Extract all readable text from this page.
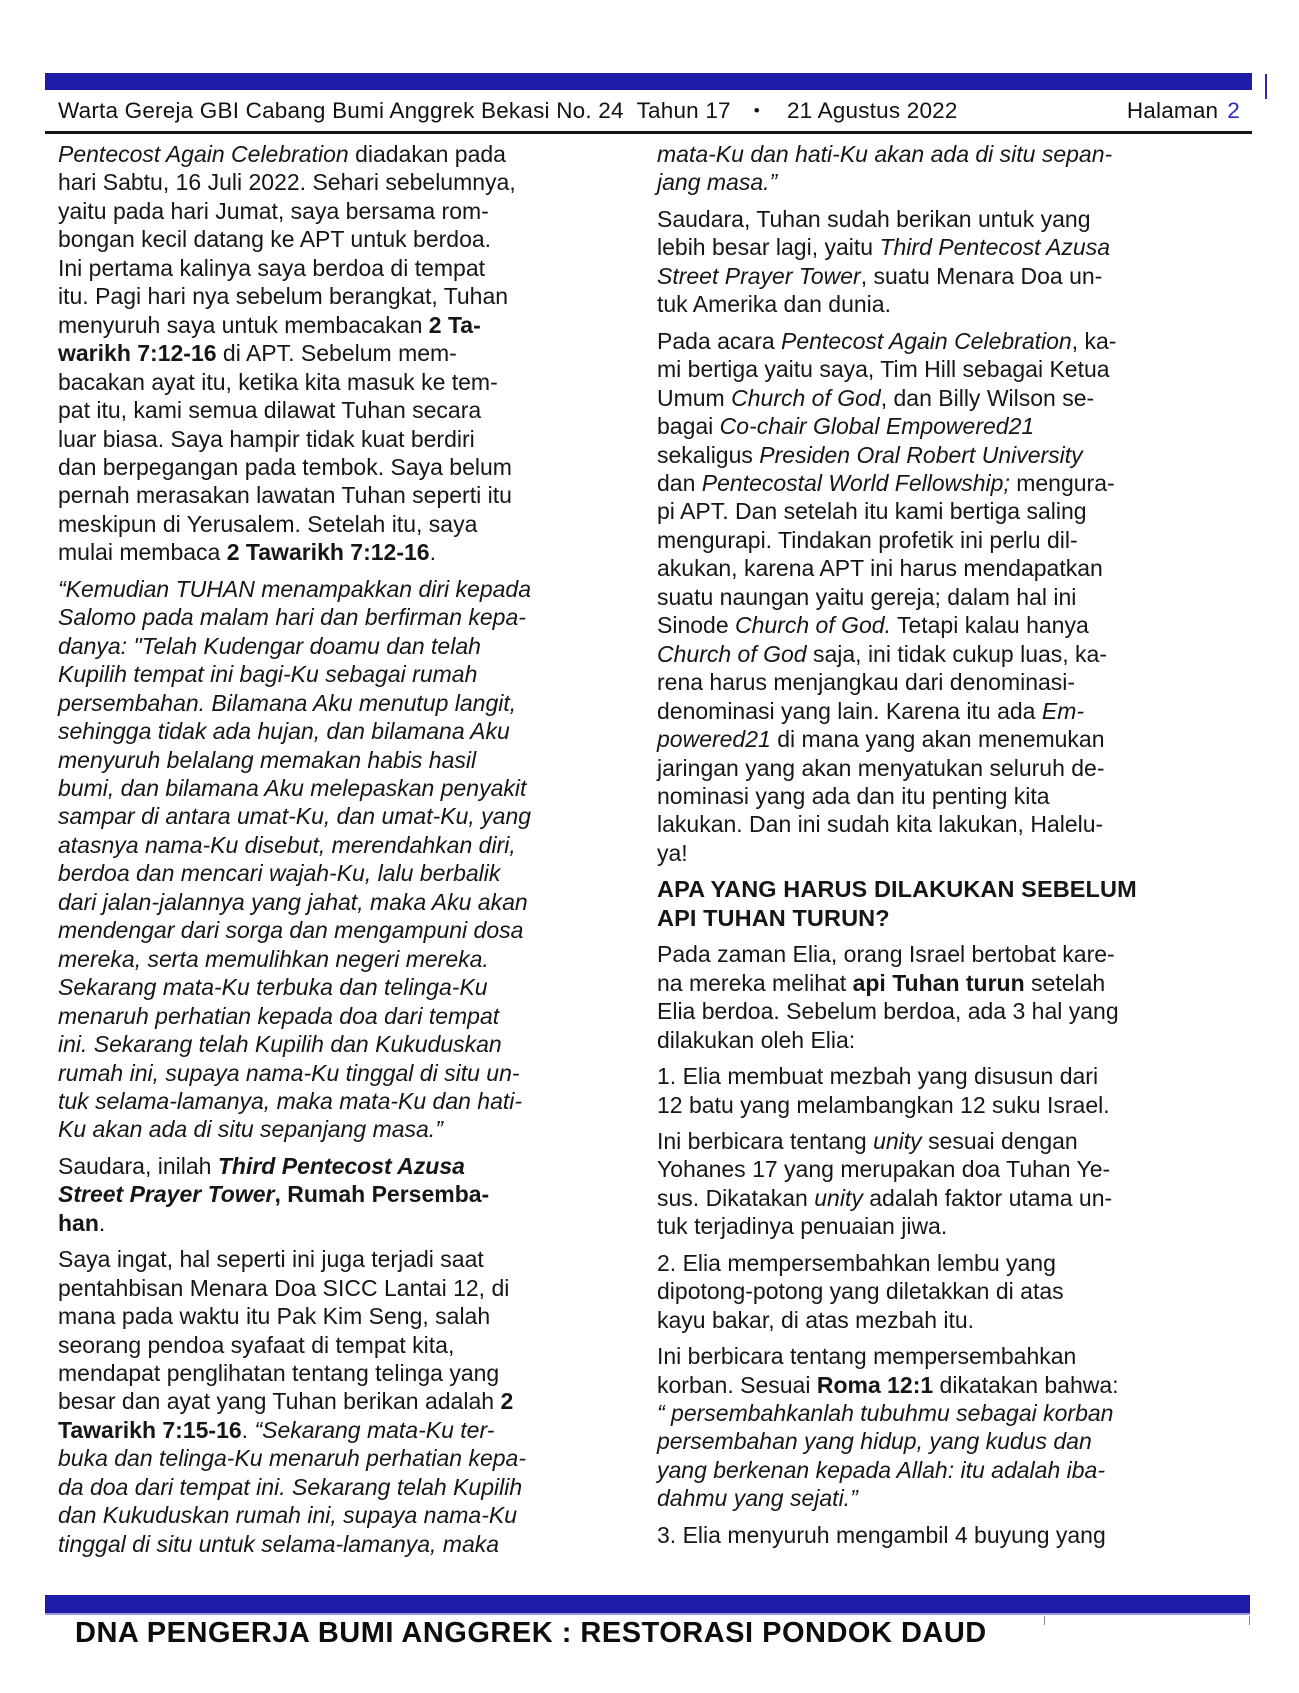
Warta Gereja GBI Cabang Bumi Anggrek Bekasi No. 24  Tahun 17 • 21 Agustus 2022	Halaman 2

Pentecost Again Celebration diadakan pada
hari Sabtu, 16 Juli 2022. Sehari sebelumnya,
yaitu pada hari Jumat, saya bersama rom-
bongan kecil datang ke APT untuk berdoa.
Ini pertama kalinya saya berdoa di tempat
itu. Pagi hari nya sebelum berangkat, Tuhan
menyuruh saya untuk membacakan 2 Ta-
warikh 7:12-16 di APT. Sebelum mem-
bacakan ayat itu, ketika kita masuk ke tem-
pat itu, kami semua dilawat Tuhan secara
luar biasa. Saya hampir tidak kuat berdiri
dan berpegangan pada tembok. Saya belum
pernah merasakan lawatan Tuhan seperti itu
meskipun di Yerusalem. Setelah itu, saya
mulai membaca 2 Tawarikh 7:12-16.
“Kemudian TUHAN menampakkan diri kepada
Salomo pada malam hari dan berfirman kepa-
danya: "Telah Kudengar doamu dan telah
Kupilih tempat ini bagi-Ku sebagai rumah
persembahan. Bilamana Aku menutup langit,
sehingga tidak ada hujan, dan bilamana Aku
menyuruh belalang memakan habis hasil
bumi, dan bilamana Aku melepaskan penyakit
sampar di antara umat-Ku, dan umat-Ku, yang
atasnya nama-Ku disebut, merendahkan diri,
berdoa dan mencari wajah-Ku, lalu berbalik
dari jalan-jalannya yang jahat, maka Aku akan
mendengar dari sorga dan mengampuni dosa
mereka, serta memulihkan negeri mereka.
Sekarang mata-Ku terbuka dan telinga-Ku
menaruh perhatian kepada doa dari tempat
ini. Sekarang telah Kupilih dan Kukuduskan
rumah ini, supaya nama-Ku tinggal di situ un-
tuk selama-lamanya, maka mata-Ku dan hati-
Ku akan ada di situ sepanjang masa.”
Saudara, inilah Third Pentecost Azusa
Street Prayer Tower, Rumah Persemba-
han.
Saya ingat, hal seperti ini juga terjadi saat
pentahbisan Menara Doa SICC Lantai 12, di
mana pada waktu itu Pak Kim Seng, salah
seorang pendoa syafaat di tempat kita,
mendapat penglihatan tentang telinga yang
besar dan ayat yang Tuhan berikan adalah 2
Tawarikh 7:15-16. “Sekarang mata-Ku ter-
buka dan telinga-Ku menaruh perhatian kepa-
da doa dari tempat ini. Sekarang telah Kupilih
dan Kukuduskan rumah ini, supaya nama-Ku
tinggal di situ untuk selama-lamanya, maka
mata-Ku dan hati-Ku akan ada di situ sepan-
jang masa.”
Saudara, Tuhan sudah berikan untuk yang
lebih besar lagi, yaitu Third Pentecost Azusa
Street Prayer Tower, suatu Menara Doa un-
tuk Amerika dan dunia.
Pada acara Pentecost Again Celebration, ka-
mi bertiga yaitu saya, Tim Hill sebagai Ketua
Umum Church of God, dan Billy Wilson se-
bagai Co-chair Global Empowered21
sekaligus Presiden Oral Robert University
dan Pentecostal World Fellowship; mengura-
pi APT. Dan setelah itu kami bertiga saling
mengurapi. Tindakan profetik ini perlu dil-
akukan, karena APT ini harus mendapatkan
suatu naungan yaitu gereja; dalam hal ini
Sinode Church of God. Tetapi kalau hanya
Church of God saja, ini tidak cukup luas, ka-
rena harus menjangkau dari denominasi-
denominasi yang lain. Karena itu ada Em-
powered21 di mana yang akan menemukan
jaringan yang akan menyatukan seluruh de-
nominasi yang ada dan itu penting kita
lakukan. Dan ini sudah kita lakukan, Halelu-
ya!
APA YANG HARUS DILAKUKAN SEBELUM
API TUHAN TURUN?
Pada zaman Elia, orang Israel bertobat kare-
na mereka melihat api Tuhan turun setelah
Elia berdoa. Sebelum berdoa, ada 3 hal yang
dilakukan oleh Elia:
1. Elia membuat mezbah yang disusun dari
12 batu yang melambangkan 12 suku Israel.
Ini berbicara tentang unity sesuai dengan
Yohanes 17 yang merupakan doa Tuhan Ye-
sus. Dikatakan unity adalah faktor utama un-
tuk terjadinya penuaian jiwa.
2. Elia mempersembahkan lembu yang
dipotong-potong yang diletakkan di atas
kayu bakar, di atas mezbah itu.
Ini berbicara tentang mempersembahkan
korban. Sesuai Roma 12:1 dikatakan bahwa:
“ persembahkanlah tubuhmu sebagai korban
persembahan yang hidup, yang kudus dan
yang berkenan kepada Allah: itu adalah iba-
dahmu yang sejati.”
3. Elia menyuruh mengambil 4 buyung yang
DNA PENGERJA BUMI ANGGREK : RESTORASI PONDOK DAUD
